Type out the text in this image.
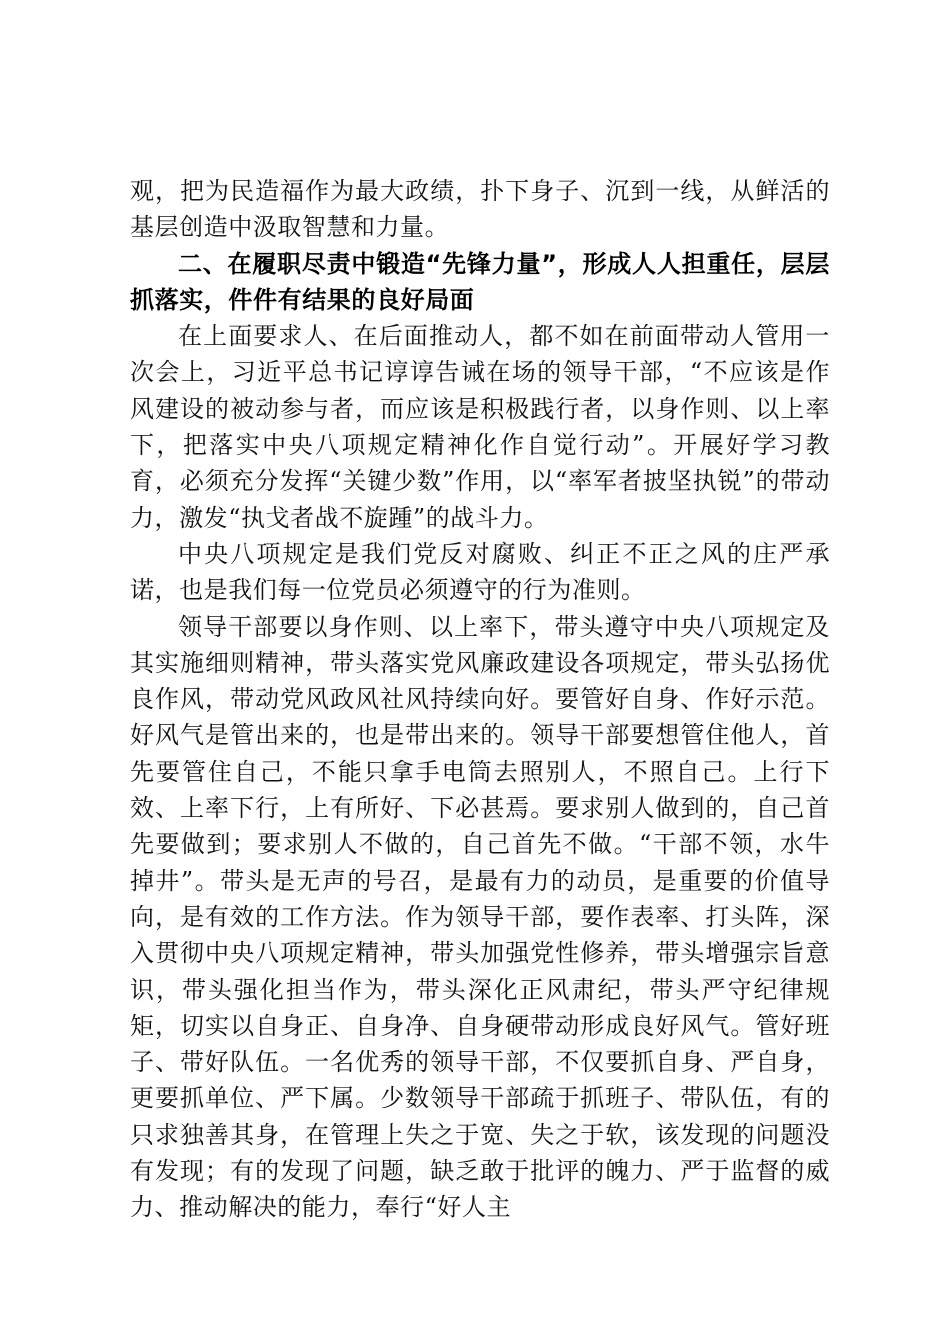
观，把为民造福作为最大政绩，扑下身子、沉到一线，从鲜活的基层创造中汲取智慧和力量。

二、在履职尽责中锻造“先锋力量”，形成人人担重任，层层抓落实，件件有结果的良好局面

在上面要求人、在后面推动人，都不如在前面带动人管用一次会上，习近平总书记谆谆告诫在场的领导干部，“不应该是作风建设的被动参与者，而应该是积极践行者，以身作则、以上率下，把落实中央八项规定精神化作自觉行动”。开展好学习教育，必须充分发挥“关键少数”作用，以“率军者披坚执锐”的带动力，激发“执戈者战不旋踵”的战斗力。

中央八项规定是我们党反对腐败、纠正不正之风的庄严承诺，也是我们每一位党员必须遵守的行为准则。

领导干部要以身作则、以上率下，带头遵守中央八项规定及其实施细则精神，带头落实党风廉政建设各项规定，带头弘扬优良作风，带动党风政风社风持续向好。要管好自身、作好示范。好风气是管出来的，也是带出来的。领导干部要想管住他人，首先要管住自己，不能只拿手电筒去照别人，不照自己。上行下效、上率下行，上有所好、下必甚焉。要求别人做到的，自己首先要做到；要求别人不做的，自己首先不做。“干部不领，水牛掉井”。带头是无声的号召，是最有力的动员，是重要的价值导向，是有效的工作方法。作为领导干部，要作表率、打头阵，深入贯彻中央八项规定精神，带头加强党性修养，带头增强宗旨意识，带头强化担当作为，带头深化正风肃纪，带头严守纪律规矩，切实以自身正、自身净、自身硬带动形成良好风气。管好班子、带好队伍。一名优秀的领导干部，不仅要抓自身、严自身，更要抓单位、严下属。少数领导干部疏于抓班子、带队伍，有的只求独善其身，在管理上失之于宽、失之于软，该发现的问题没有发现；有的发现了问题，缺乏敢于批评的魄力、严于监督的威力、推动解决的能力，奉行“好人主
